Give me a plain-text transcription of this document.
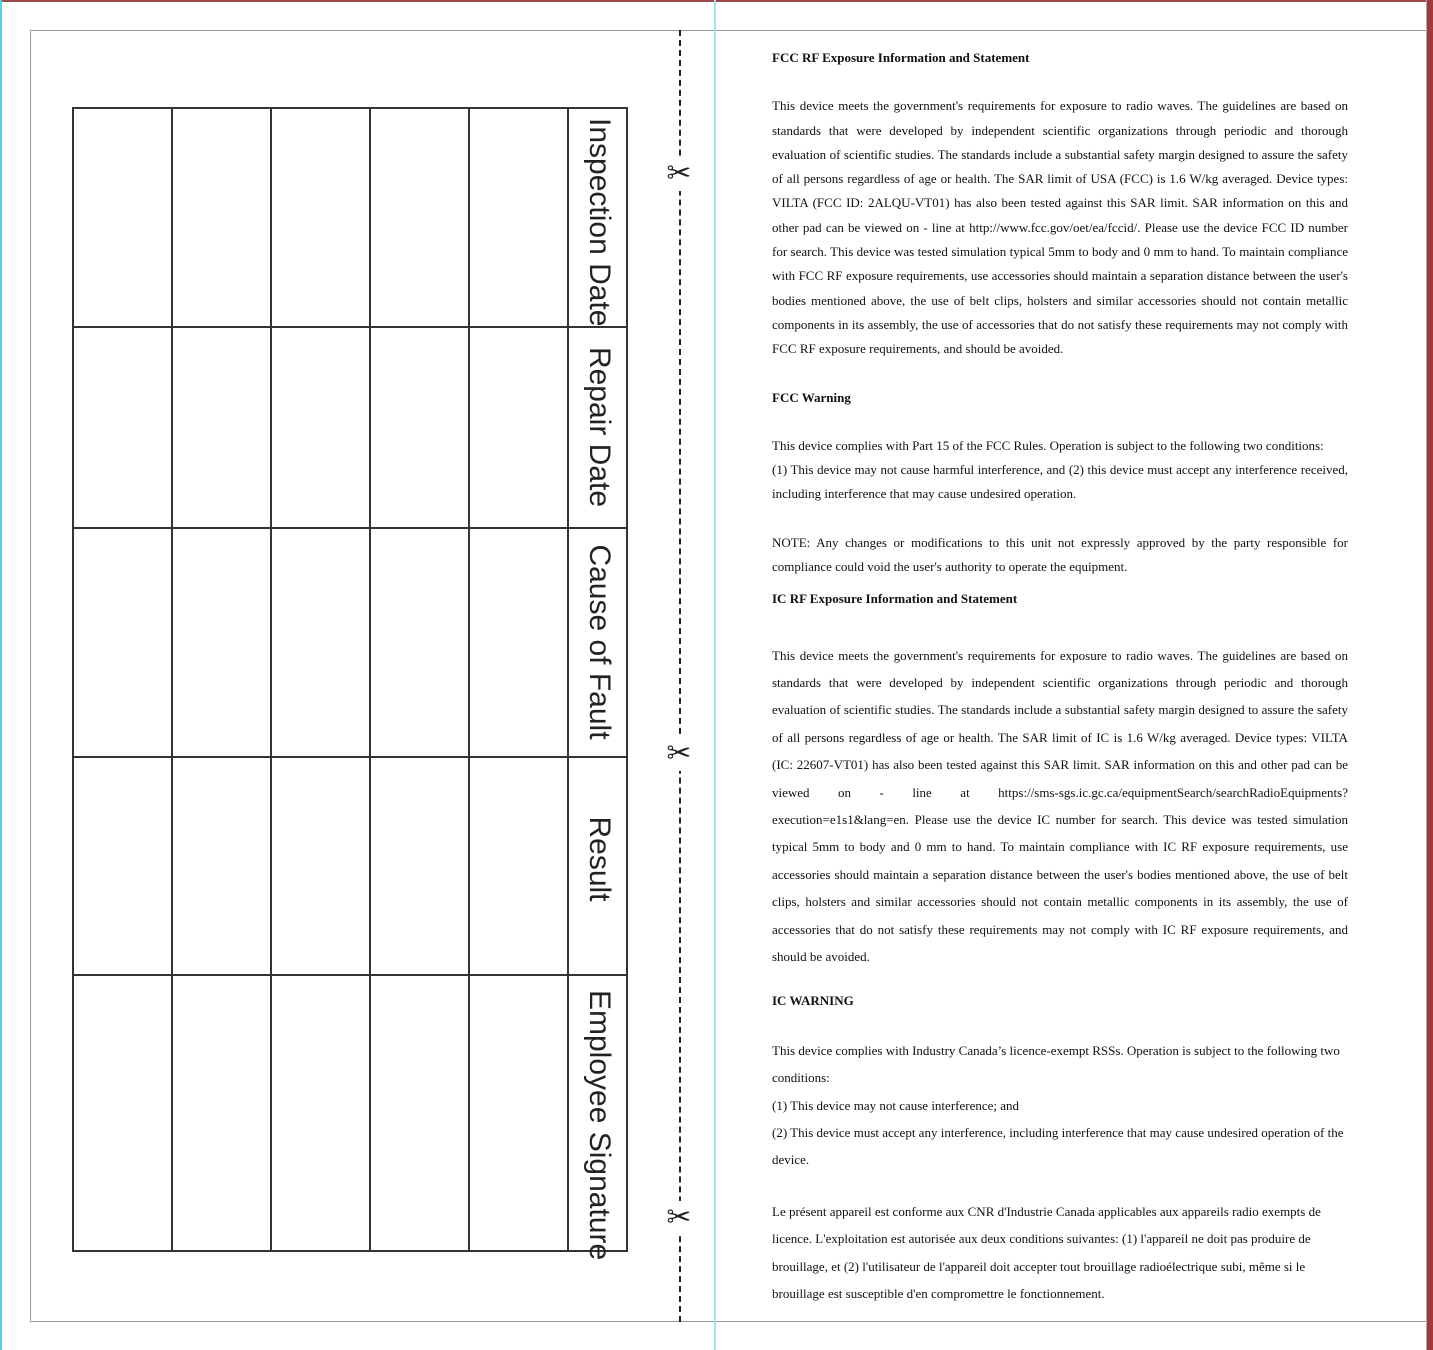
✂
✂
✂
Inspection Date
Repair Date
Cause of Fault
Result
Employee Signature
FCC RF Exposure Information and Statement

This device meets the government's requirements for exposure to radio waves. The guidelines are based on standards that were developed by independent scientific organizations through periodic and thorough evaluation of scientific studies. The standards include a substantial safety margin designed to assure the safety of all persons regardless of age or health. The SAR limit of USA (FCC) is 1.6 W/kg averaged. Device types: VILTA (FCC ID: 2ALQU-VT01) has also been tested against this SAR limit. SAR information on this and other pad can be viewed on - line at http://www.fcc.gov/oet/ea/fccid/. Please use the device FCC ID number for search. This device was tested simulation typical 5mm to body and 0 mm to hand. To maintain compliance with FCC RF exposure requirements, use accessories should maintain a separation distance between the user's bodies mentioned above, the use of belt clips, holsters and similar accessories should not contain metallic components in its assembly, the use of accessories that do not satisfy these requirements may not comply with FCC RF exposure requirements, and should be avoided.

FCC Warning

This device complies with Part 15 of the FCC Rules. Operation is subject to the following two conditions:

(1) This device may not cause harmful interference, and (2) this device must accept any interference received, including interference that may cause undesired operation.

NOTE: Any changes or modifications to this unit not expressly approved by the party responsible for compliance could void the user's authority to operate the equipment.

IC RF Exposure Information and Statement

This device meets the government's requirements for exposure to radio waves. The guidelines are based on standards that were developed by independent scientific organizations through periodic and thorough evaluation of scientific studies. The standards include a substantial safety margin designed to assure the safety of all persons regardless of age or health. The SAR limit of IC is 1.6 W/kg averaged. Device types: VILTA (IC: 22607-VT01) has also been tested against this SAR limit. SAR information on this and other pad can be viewed on - line at https://sms-sgs.ic.gc.ca/equipmentSearch/searchRadioEquipments?execution=e1s1&lang=en. Please use the device IC number for search. This device was tested simulation typical 5mm to body and 0 mm to hand. To maintain compliance with IC RF exposure requirements, use accessories should maintain a separation distance between the user's bodies mentioned above, the use of belt clips, holsters and similar accessories should not contain metallic components in its assembly, the use of accessories that do not satisfy these requirements may not comply with IC RF exposure requirements, and should be avoided.

IC WARNING

This device complies with Industry Canada’s licence-exempt RSSs. Operation is subject to the following two conditions:

(1) This device may not cause interference; and

(2) This device must accept any interference, including interference that may cause undesired operation of the device.

Le présent appareil est conforme aux CNR d'Industrie Canada applicables aux appareils radio exempts de licence. L'exploitation est autorisée aux deux conditions suivantes: (1) l'appareil ne doit pas produire de brouillage, et (2) l'utilisateur de l'appareil doit accepter tout brouillage radioélectrique subi, même si le brouillage est susceptible d'en compromettre le fonctionnement.
